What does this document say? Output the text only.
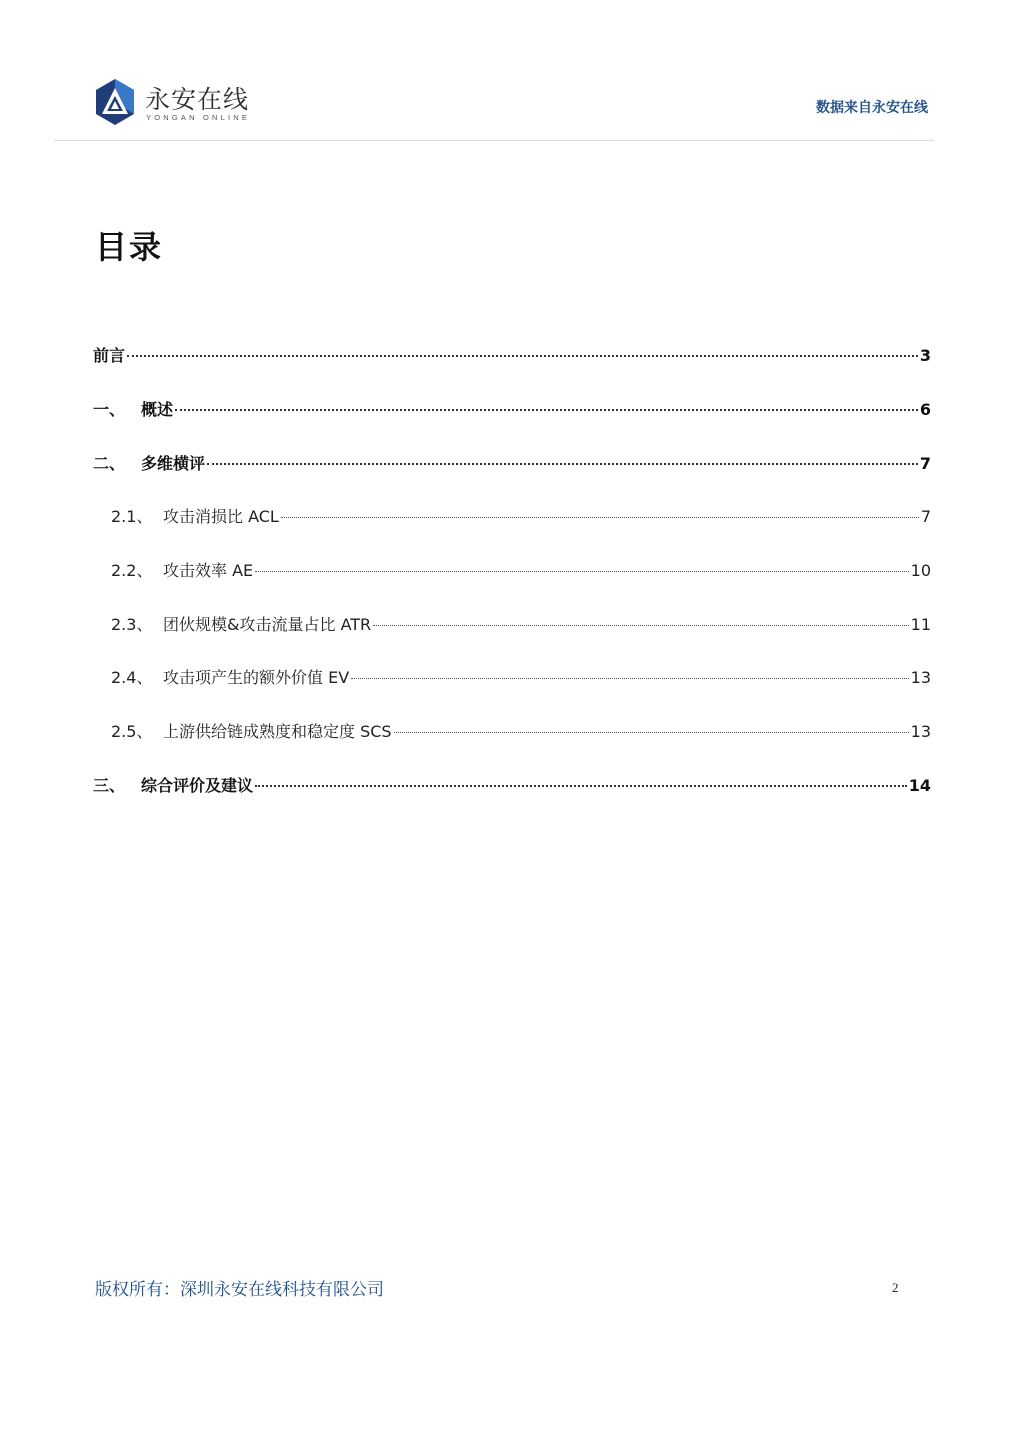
永安在线
YONGAN ONLINE
数据来自永安在线
目录
前言	3
一、 概述	6
二、 多维横评	7
2.1、 攻击消损比 ACL	7
2.2、 攻击效率 AE	10
2.3、 团伙规模&攻击流量占比 ATR	11
2.4、 攻击项产生的额外价值 EV	13
2.5、 上游供给链成熟度和稳定度 SCS	13
三、 综合评价及建议	14
版权所有：深圳永安在线科技有限公司	2
